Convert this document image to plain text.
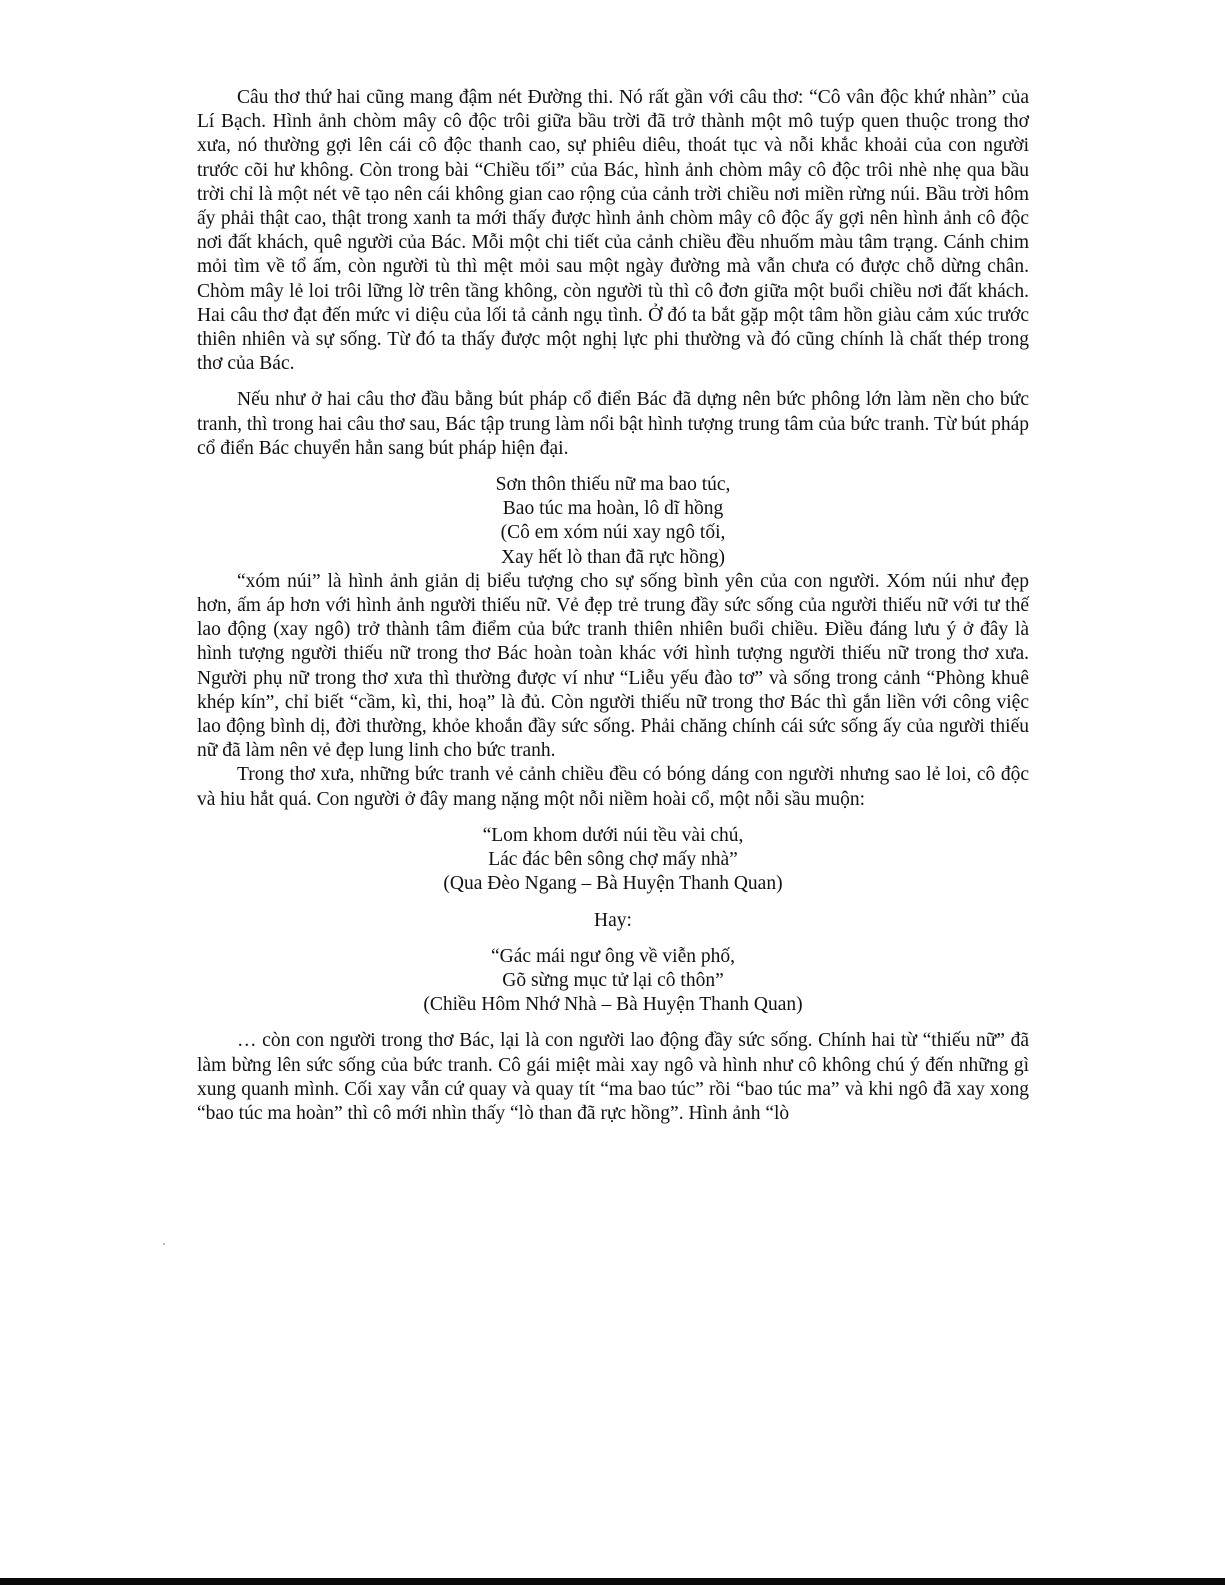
Câu thơ thứ hai cũng mang đậm nét Đường thi. Nó rất gần với câu thơ: “Cô vân độc khứ nhàn” của Lí Bạch. Hình ảnh chòm mây cô độc trôi giữa bầu trời đã trở thành một mô tuýp quen thuộc trong thơ xưa, nó thường gợi lên cái cô độc thanh cao, sự phiêu diêu, thoát tục và nỗi khắc khoải của con người trước cõi hư không. Còn trong bài “Chiều tối” của Bác, hình ảnh chòm mây cô độc trôi nhè nhẹ qua bầu trời chỉ là một nét vẽ tạo nên cái không gian cao rộng của cảnh trời chiều nơi miền rừng núi. Bầu trời hôm ấy phải thật cao, thật trong xanh ta mới thấy được hình ảnh chòm mây cô độc ấy gợi nên hình ảnh cô độc nơi đất khách, quê người của Bác. Mỗi một chi tiết của cảnh chiều đều nhuốm màu tâm trạng. Cánh chim mỏi tìm về tổ ấm, còn người tù thì mệt mỏi sau một ngày đường mà vẫn chưa có được chỗ dừng chân. Chòm mây lẻ loi trôi lững lờ trên tầng không, còn người tù thì cô đơn giữa một buổi chiều nơi đất khách. Hai câu thơ đạt đến mức vi diệu của lối tả cảnh ngụ tình. Ở đó ta bắt gặp một tâm hồn giàu cảm xúc trước thiên nhiên và sự sống. Từ đó ta thấy được một nghị lực phi thường và đó cũng chính là chất thép trong thơ của Bác.

Nếu như ở hai câu thơ đầu bằng bút pháp cổ điển Bác đã dựng nên bức phông lớn làm nền cho bức tranh, thì trong hai câu thơ sau, Bác tập trung làm nổi bật hình tượng trung tâm của bức tranh. Từ bút pháp cổ điển Bác chuyển hẳn sang bút pháp hiện đại.

Sơn thôn thiếu nữ ma bao túc,
Bao túc ma hoàn, lô dĩ hồng
(Cô em xóm núi xay ngô tối,
Xay hết lò than đã rực hồng)

“xóm núi” là hình ảnh giản dị biểu tượng cho sự sống bình yên của con người. Xóm núi như đẹp hơn, ấm áp hơn với hình ảnh người thiếu nữ. Vẻ đẹp trẻ trung đầy sức sống của người thiếu nữ với tư thế lao động (xay ngô) trở thành tâm điểm của bức tranh thiên nhiên buổi chiều. Điều đáng lưu ý ở đây là hình tượng người thiếu nữ trong thơ Bác hoàn toàn khác với hình tượng người thiếu nữ trong thơ xưa. Người phụ nữ trong thơ xưa thì thường được ví như “Liễu yếu đào tơ” và sống trong cảnh “Phòng khuê khép kín”, chỉ biết “cầm, kì, thi, hoạ” là đủ. Còn người thiếu nữ trong thơ Bác thì gắn liền với công việc lao động bình dị, đời thường, khỏe khoắn đầy sức sống. Phải chăng chính cái sức sống ấy của người thiếu nữ đã làm nên vẻ đẹp lung linh cho bức tranh.

Trong thơ xưa, những bức tranh vẻ cảnh chiều đều có bóng dáng con người nhưng sao lẻ loi, cô độc và hiu hắt quá. Con người ở đây mang nặng một nỗi niềm hoài cổ, một nỗi sầu muộn:

“Lom khom dưới núi tều vài chú,
Lác đác bên sông chợ mấy nhà”
(Qua Đèo Ngang – Bà Huyện Thanh Quan)
Hay:
“Gác mái ngư ông về viễn phố,
Gõ sừng mục tử lại cô thôn”
(Chiều Hôm Nhớ Nhà – Bà Huyện Thanh Quan)

… còn con người trong thơ Bác, lại là con người lao động đầy sức sống. Chính hai từ “thiếu nữ” đã làm bừng lên sức sống của bức tranh. Cô gái miệt mài xay ngô và hình như cô không chú ý đến những gì xung quanh mình. Cối xay vẫn cứ quay và quay tít “ma bao túc” rồi “bao túc ma” và khi ngô đã xay xong “bao túc ma hoàn” thì cô mới nhìn thấy “lò than đã rực hồng”. Hình ảnh “lò
